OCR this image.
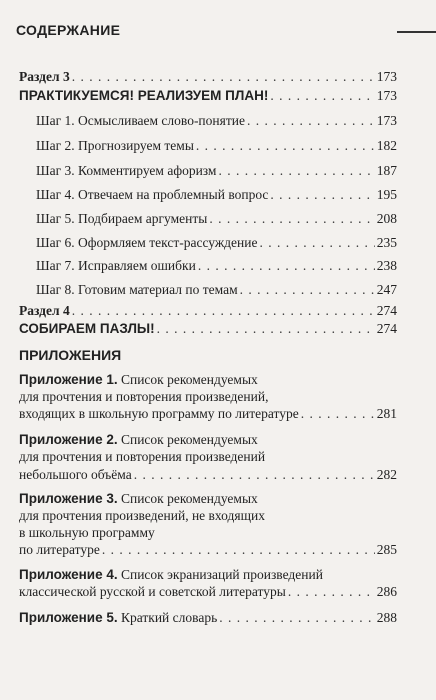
СОДЕРЖАНИЕ
Раздел 3 . . .	173
ПРАКТИКУЕМСЯ! РЕАЛИЗУЕМ ПЛАН! . . .	173
Шаг 1. Осмысливаем слово-понятие . . .	173
Шаг 2. Прогнозируем темы . . .	182
Шаг 3. Комментируем афоризм . . .	187
Шаг 4. Отвечаем на проблемный вопрос . . .	195
Шаг 5. Подбираем аргументы . . .	208
Шаг 6. Оформляем текст-рассуждение . . .	235
Шаг 7. Исправляем ошибки . . .	238
Шаг 8. Готовим материал по темам . . .	247
Раздел 4 . . .	274
СОБИРАЕМ ПАЗЛЫ! . . .	274
ПРИЛОЖЕНИЯ
Приложение 1. Список рекомендуемых
для прочтения и повторения произведений,
входящих в школьную программу по литературе . . .	281
Приложение 2. Список рекомендуемых
для прочтения и повторения произведений
небольшого объёма . . .	282
Приложение 3. Список рекомендуемых
для прочтения произведений, не входящих
в школьную программу
по литературе . . .	285
Приложение 4. Список экранизаций произведений
классической русской и советской литературы . . .	286
Приложение 5. Краткий словарь . . .	288
